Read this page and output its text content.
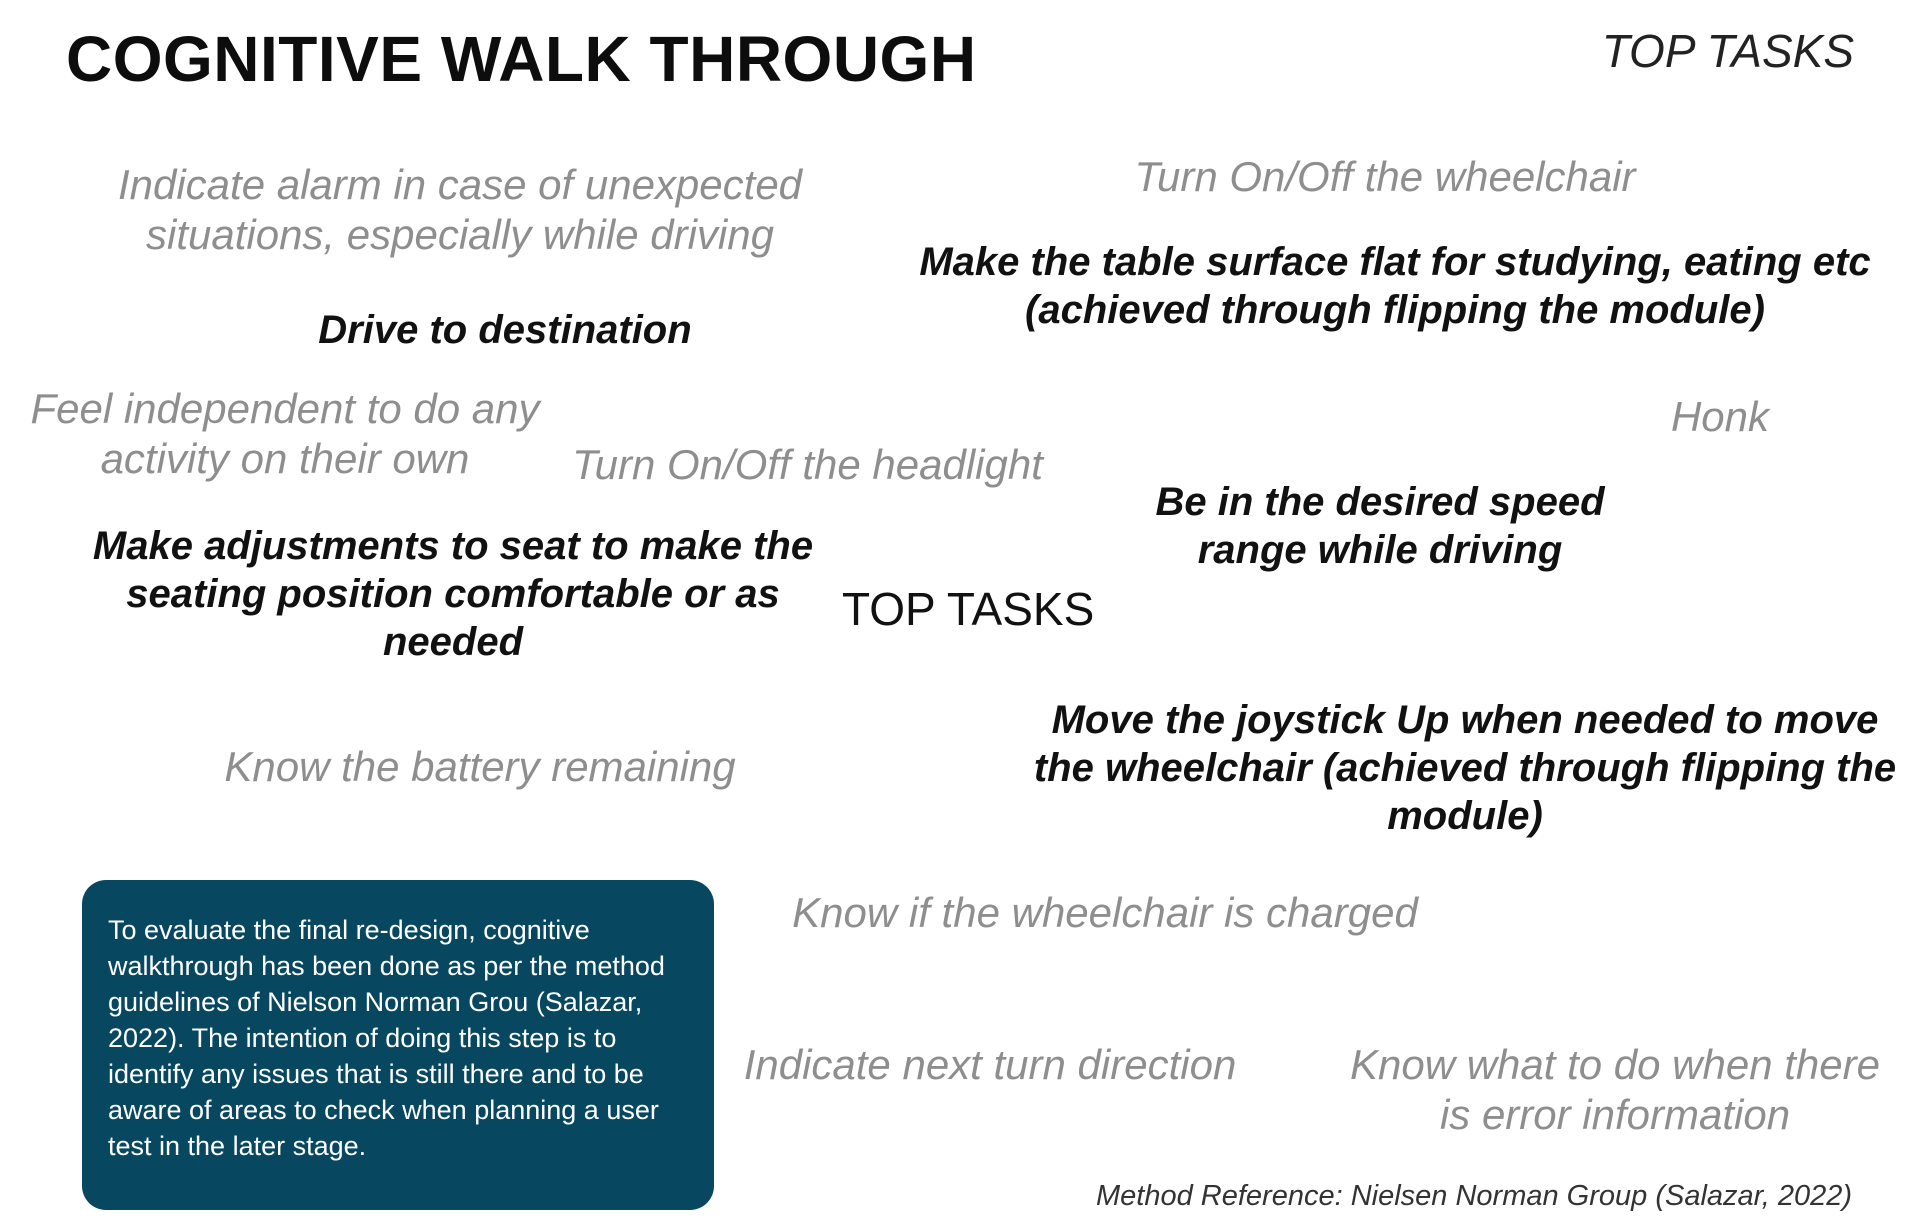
COGNITIVE WALK THROUGH	TOP TASKS
Indicate alarm in case of unexpected situations, especially while driving
Drive to destination
Feel independent to do any activity on their own	Turn On/Off the headlight
Make adjustments to seat to make the seating position comfortable or as needed
Know the battery remaining
TOP TASKS
Turn On/Off the wheelchair
Make the table surface flat for studying, eating etc (achieved through flipping the module)
Honk
Be in the desired speed range while driving
Move the joystick Up when needed to move the wheelchair (achieved through flipping the module)
Know if the wheelchair is charged
Indicate next turn direction	Know what to do when there is error information
To evaluate the final re-design, cognitive walkthrough has been done as per the method guidelines of Nielson Norman Grou (Salazar, 2022). The intention of doing this step is to identify any issues that is still there and to be aware of areas to check when planning a user test in the later stage.
Method Reference: Nielsen Norman Group (Salazar, 2022)
